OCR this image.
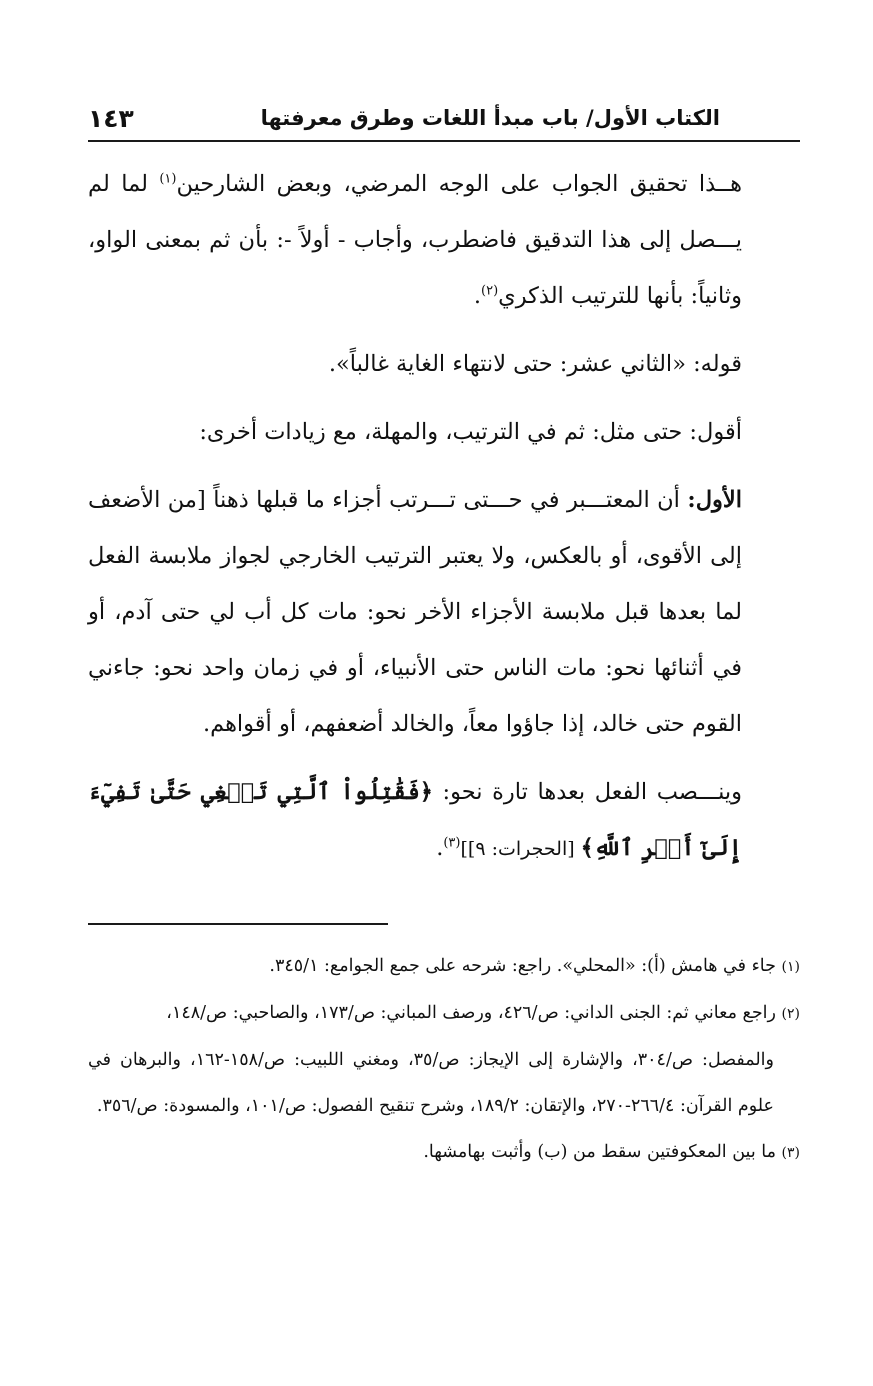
الكتاب الأول/ باب مبدأ اللغات وطرق معرفتها
١٤٣

هــذا تحقيق الجواب على الوجه المرضي، وبعض الشارحين$^{(١)}$ لما لم يـــصل إلى هذا التدقيق فاضطرب، وأجاب - أولاً -: بأن ثم بمعنى الواو، وثانياً: بأنها للترتيب الذكري$^{(٢)}$.

قوله: «الثاني عشر: حتى لانتهاء الغاية غالباً».

أقول: حتى مثل: ثم في الترتيب، والمهلة، مع زيادات أخرى:

الأول: أن المعتـــبر في حـــتى تـــرتب أجزاء ما قبلها ذهناً [من الأضعف إلى الأقوى، أو بالعكس، ولا يعتبر الترتيب الخارجي لجواز ملابسة الفعل لما بعدها قبل ملابسة الأجزاء الأخر نحو: مات كل أب لي حتى آدم، أو في أثنائها نحو: مات الناس حتى الأنبياء، أو في زمان واحد نحو: جاءني القوم حتى خالد، إذا جاؤوا معاً، والخالد أضعفهم، أو أقواهم.

وينـــصب الفعل بعدها تارة نحو: ﴿فَقَٰتِلُواْ ٱلَّتِي تَبۡغِي حَتَّىٰ تَفِيٓءَ إِلَىٰٓ أَمۡرِ ٱللَّهِ﴾ [الحجرات: ٩]]$^{(٣)}$.

(١) جاء في هامش (أ): «المحلي». راجع: شرحه على جمع الجوامع: ٣٤٥/١.

(٢) راجع معاني ثم: الجنى الداني: ص/٤٢٦، ورصف المباني: ص/١٧٣، والصاحبي: ص/١٤٨،
والمفصل: ص/٣٠٤، والإشارة إلى الإيجاز: ص/٣٥، ومغني اللبيب: ص/١٥٨-١٦٢، والبرهان في علوم القرآن: ٢٦٦/٤-٢٧٠، والإتقان: ١٨٩/٢، وشرح تنقيح الفصول: ص/١٠١، والمسودة: ص/٣٥٦.

(٣) ما بين المعكوفتين سقط من (ب) وأثبت بهامشها.
